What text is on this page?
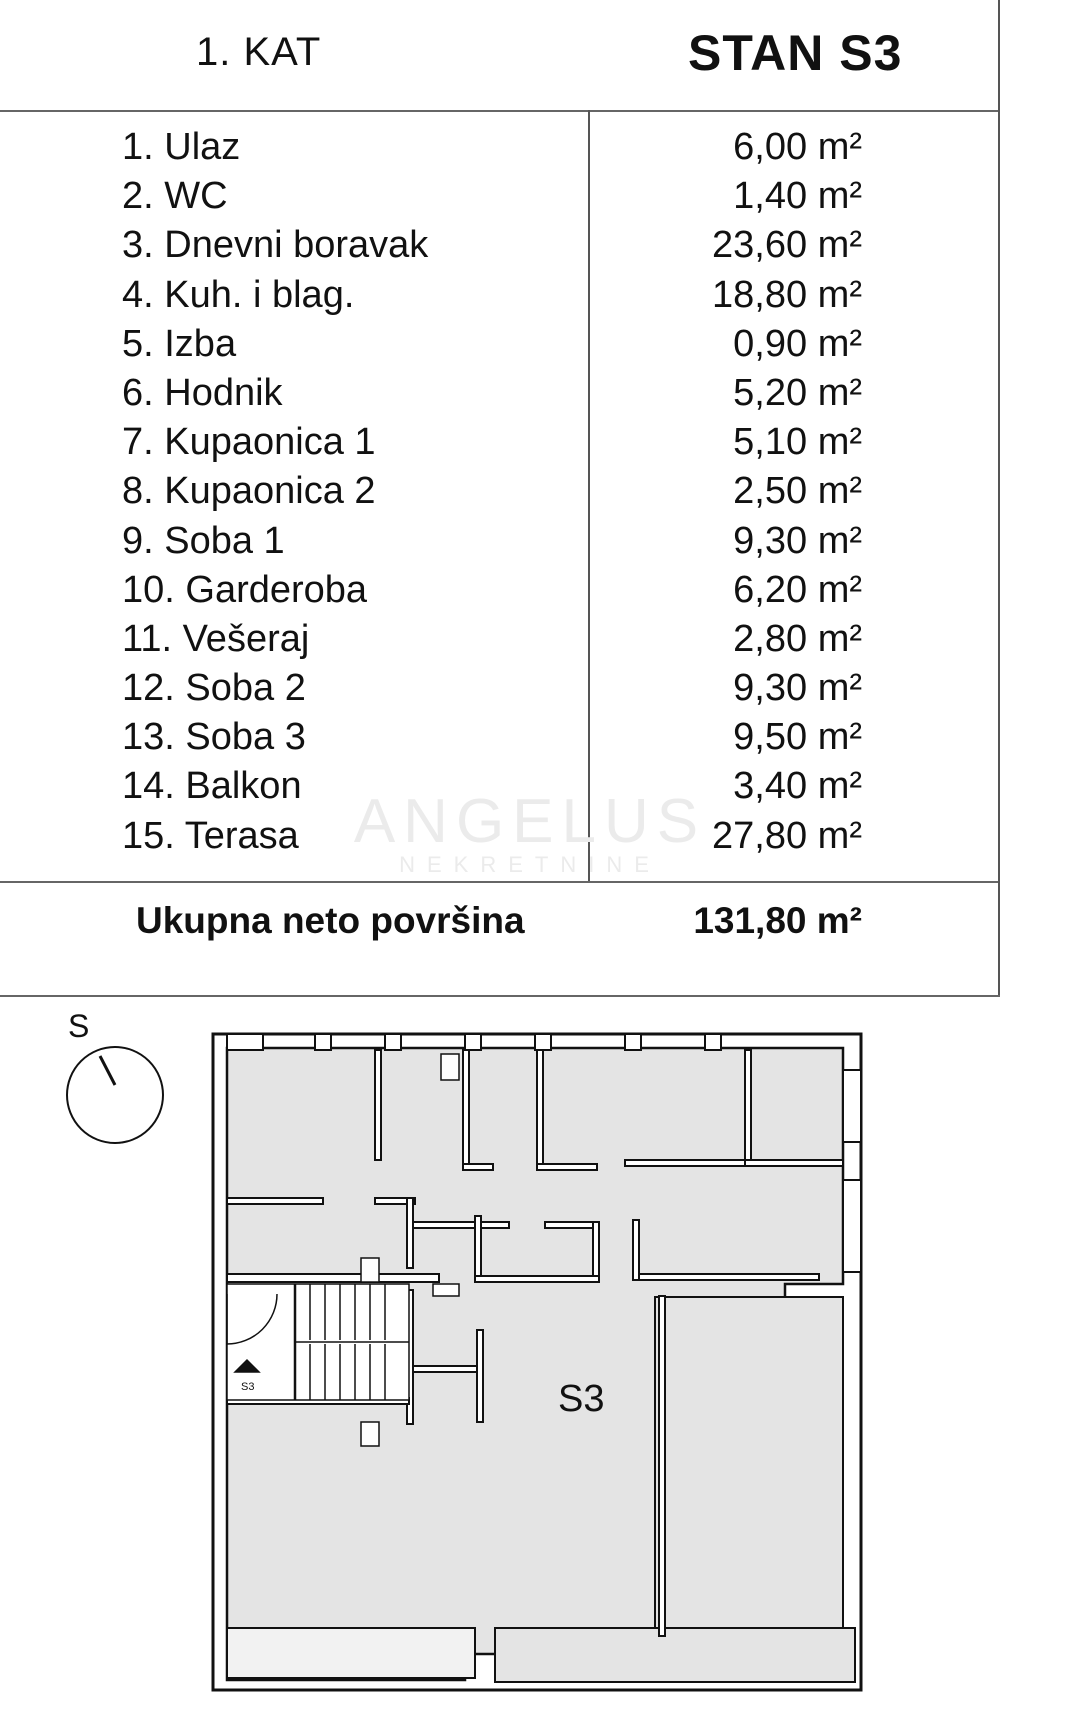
1. KAT	STAN S3
ANGELUS
NEKRETNINE
1. Ulaz	6,00 m²
2. WC	1,40 m²
3. Dnevni boravak	23,60 m²
4. Kuh. i blag.	18,80 m²
5. Izba	0,90 m²
6. Hodnik	5,20 m²
7. Kupaonica 1	5,10 m²
8. Kupaonica 2	2,50 m²
9. Soba 1	9,30 m²
10. Garderoba	6,20 m²
11. Vešeraj	2,80 m²
12. Soba 2	9,30 m²
13. Soba 3	9,50 m²
14. Balkon	3,40 m²
15. Terasa	27,80 m²
Ukupna neto površina	131,80 m²
S
S3
S3
